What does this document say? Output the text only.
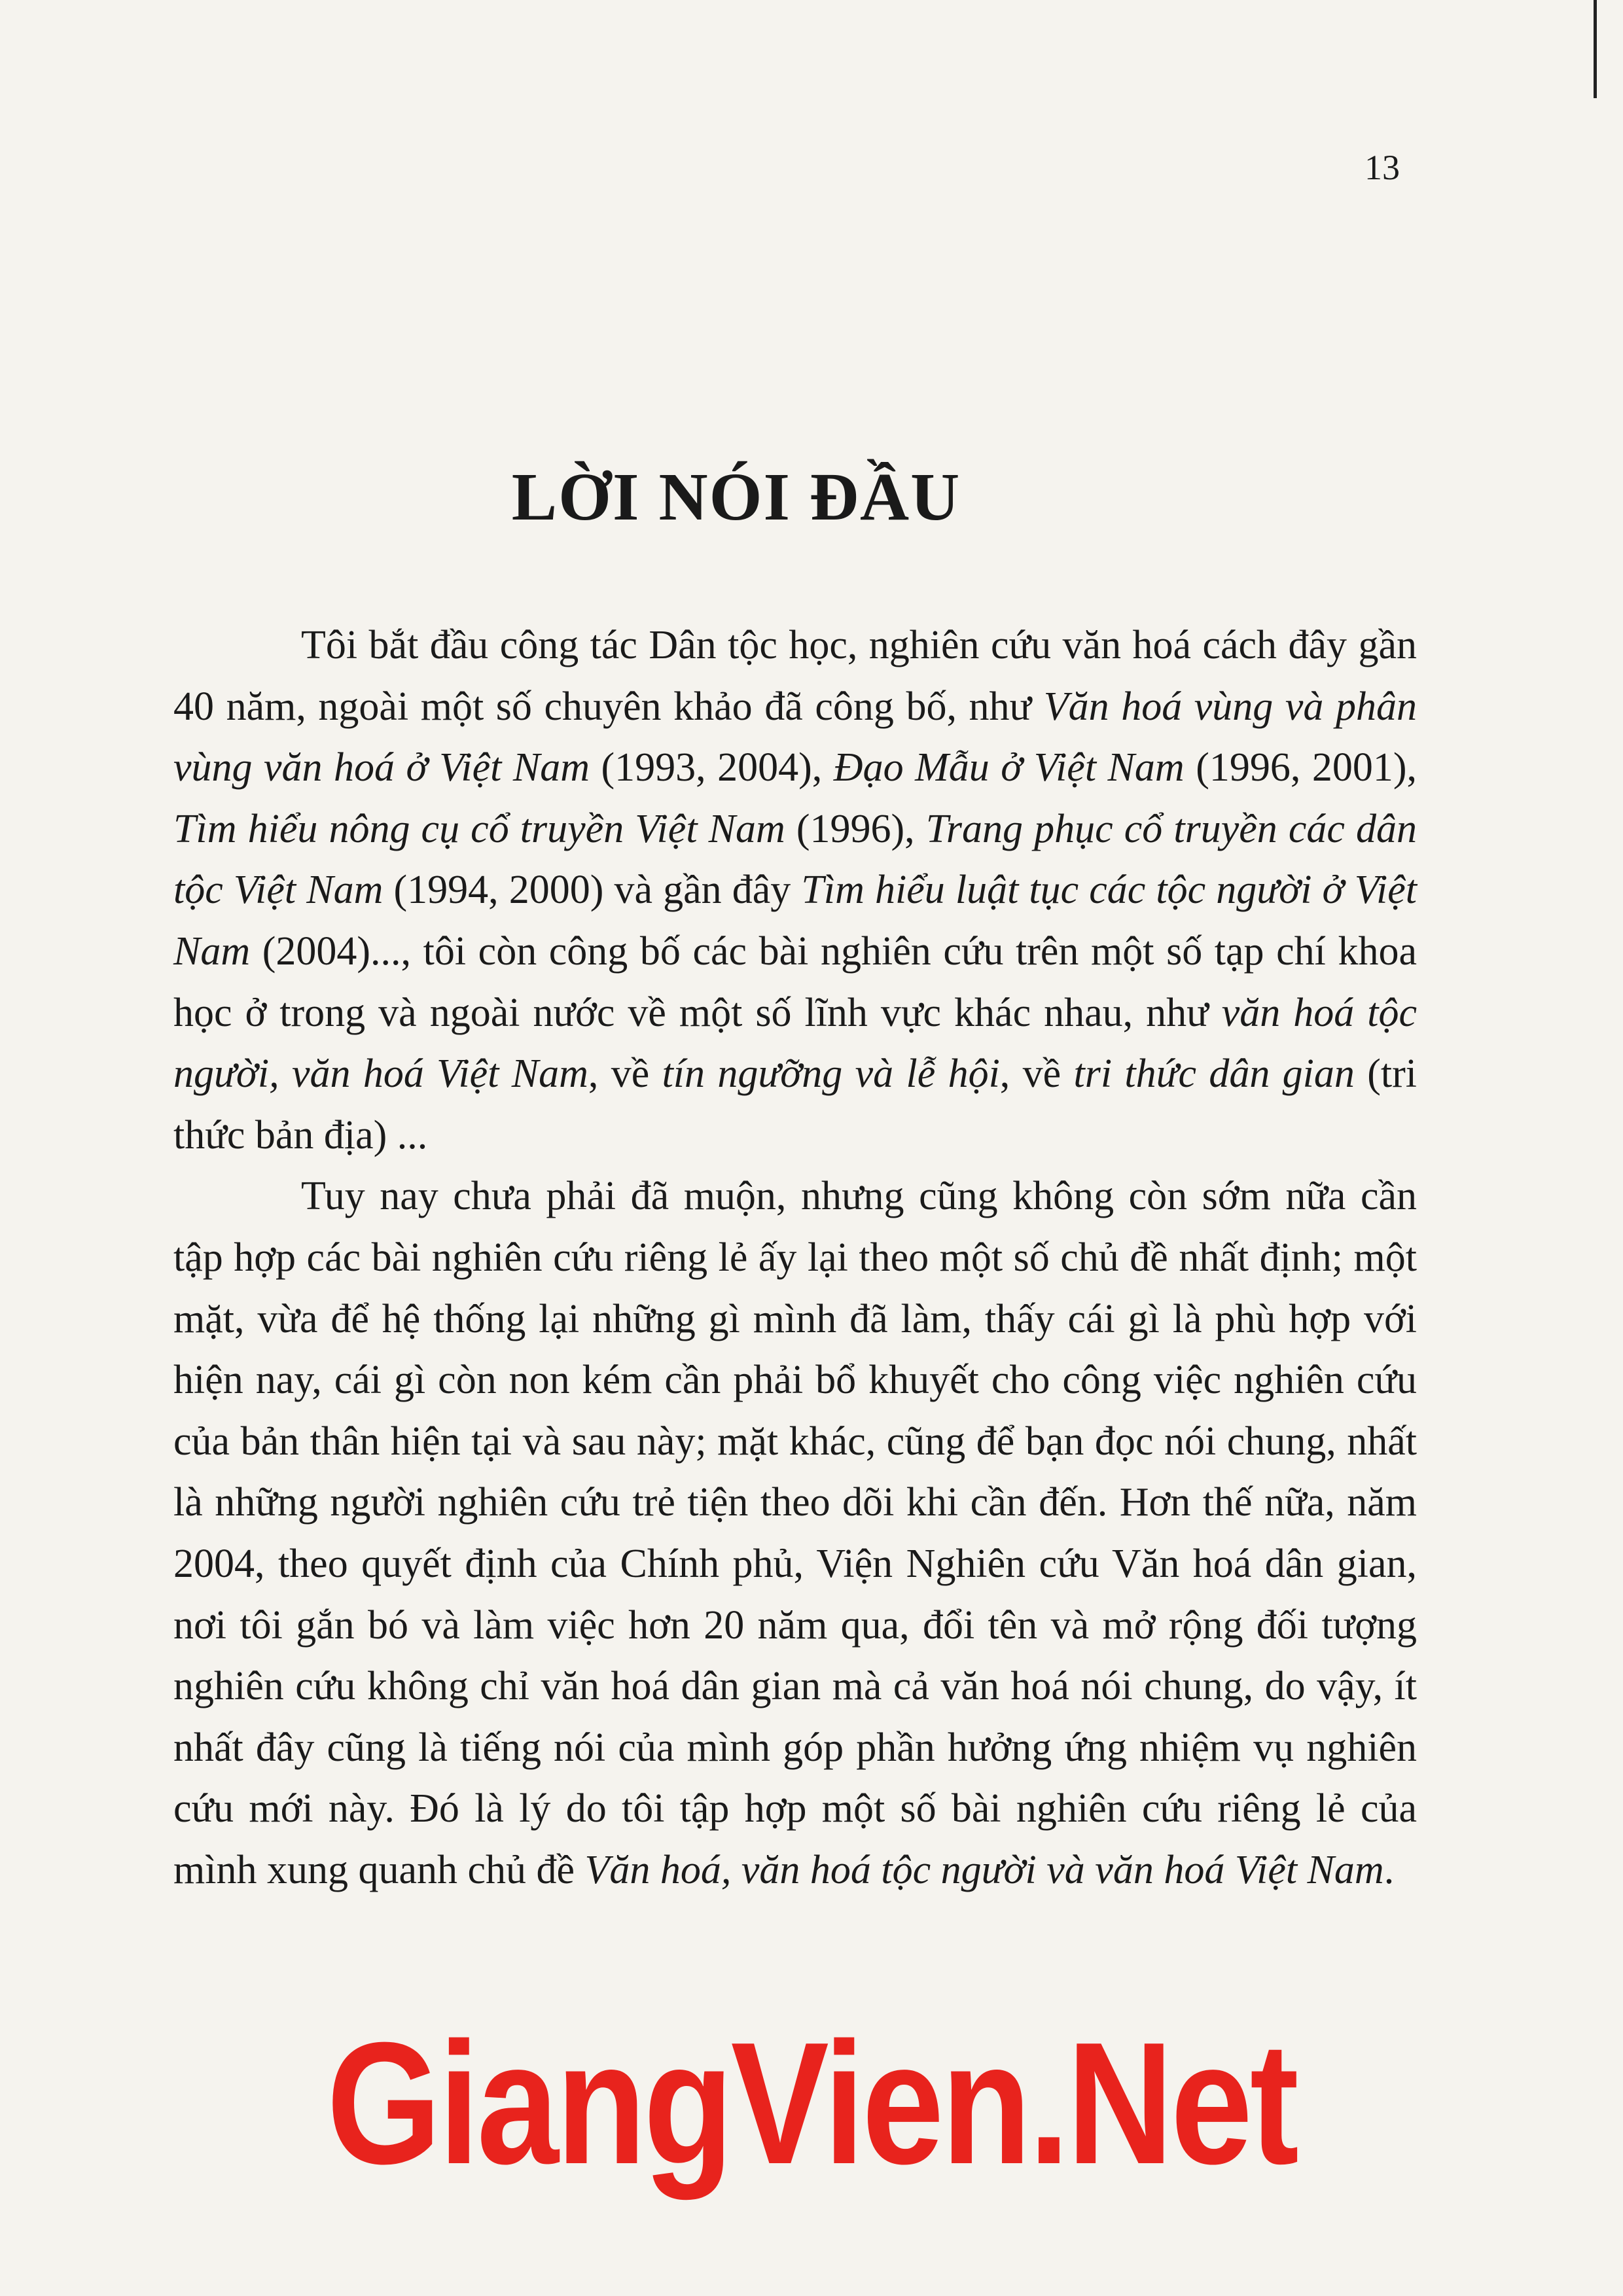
13
LỜI NÓI ĐẦU

Tôi bắt đầu công tác Dân tộc học, nghiên cứu văn hoá cách đây gần 40 năm, ngoài một số chuyên khảo đã công bố, như Văn hoá vùng và phân vùng văn hoá ở Việt Nam (1993, 2004), Đạo Mẫu ở Việt Nam (1996, 2001), Tìm hiểu nông cụ cổ truyền Việt Nam (1996), Trang phục cổ truyền các dân tộc Việt Nam (1994, 2000) và gần đây Tìm hiểu luật tục các tộc người ở Việt Nam (2004)..., tôi còn công bố các bài nghiên cứu trên một số tạp chí khoa học ở trong và ngoài nước về một số lĩnh vực khác nhau, như văn hoá tộc người, văn hoá Việt Nam, về tín ngưỡng và lễ hội, về tri thức dân gian (tri thức bản địa) ...

Tuy nay chưa phải đã muộn, nhưng cũng không còn sớm nữa cần tập hợp các bài nghiên cứu riêng lẻ ấy lại theo một số chủ đề nhất định; một mặt, vừa để hệ thống lại những gì mình đã làm, thấy cái gì là phù hợp với hiện nay, cái gì còn non kém cần phải bổ khuyết cho công việc nghiên cứu của bản thân hiện tại và sau này; mặt khác, cũng để bạn đọc nói chung, nhất là những người nghiên cứu trẻ tiện theo dõi khi cần đến. Hơn thế nữa, năm 2004, theo quyết định của Chính phủ, Viện Nghiên cứu Văn hoá dân gian, nơi tôi gắn bó và làm việc hơn 20 năm qua, đổi tên và mở rộng đối tượng nghiên cứu không chỉ văn hoá dân gian mà cả văn hoá nói chung, do vậy, ít nhất đây cũng là tiếng nói của mình góp phần hưởng ứng nhiệm vụ nghiên cứu mới này. Đó là lý do tôi tập hợp một số bài nghiên cứu riêng lẻ của mình xung quanh chủ đề Văn hoá, văn hoá tộc người và văn hoá Việt Nam.

GiangVien.Net
